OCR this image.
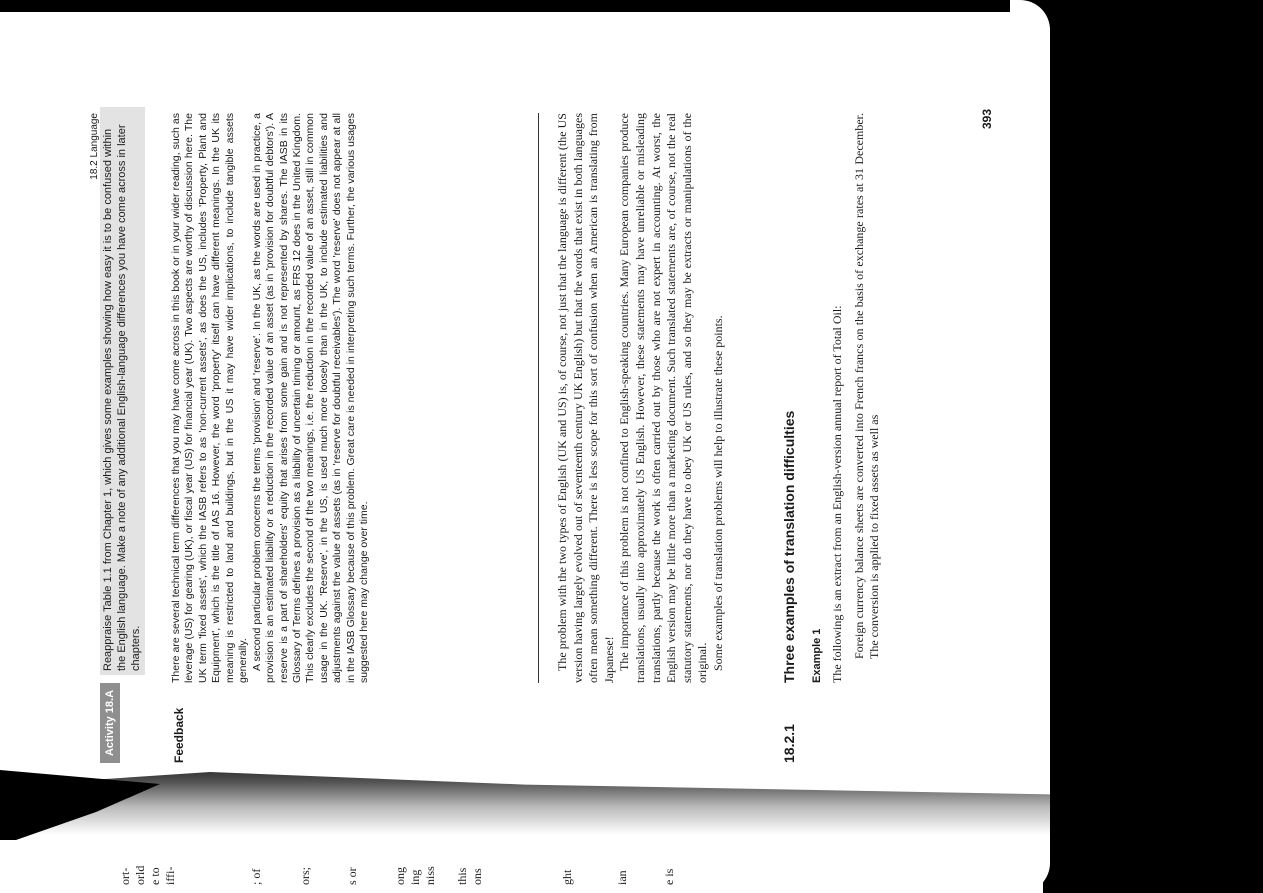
18.2 Language
Activity 18.A
Reappraise Table 1.1 from Chapter 1, which gives some examples showing how easy it is to be confused within the English language. Make a note of any additional English-language differences you have come across in later chapters.
Feedback

There are several technical term differences that you may have come across in this book or in your wider reading, such as leverage (US) for gearing (UK), or fiscal year (US) for financial year (UK). Two aspects are worthy of discussion here. The UK term 'fixed assets', which the IASB refers to as 'non-current assets', as does the US, includes 'Property, Plant and Equipment', which is the title of IAS 16. However, the word 'property' itself can have different meanings. In the UK its meaning is restricted to land and buildings, but in the US it may have wider implications, to include tangible assets generally. A second particular problem concerns the terms 'provision' and 'reserve'. In the UK, as the words are used in practice, a provision is an estimated liability or a reduction in the recorded value of an asset (as in 'provision for doubtful debtors'). A reserve is a part of shareholders' equity that arises from some gain and is not represented by shares. The IASB in its Glossary of Terms defines a provision as a liability of uncertain timing or amount, as FRS 12 does in the United Kingdom. This clearly excludes the second of the two meanings, i.e. the reduction in the recorded value of an asset, still in common usage in the UK. 'Reserve', in the US, is used much more loosely than in the UK, to include estimated liabilities and adjustments against the value of assets (as in 'reserve for doubtful receivables'). The word 'reserve' does not appear at all in the IASB Glossary because of this problem. Great care is needed in interpreting such terms. Further, the various usages suggested here may change over time.	The problem with the two types of English (UK and US) is, of course, not just that the language is different (the US version having largely evolved out of seventeenth century UK English) but that the words that exist in both languages often mean something different. There is less scope for this sort of confusion when an American is translating from Japanese! The importance of this problem is not confined to English-speaking countries. Many European companies produce translations, usually into approximately US English. However, these statements may have unreliable or misleading translations, partly because the work is often carried out by those who are not expert in accounting. At worst, the English version may be little more than a marketing document. Such translated statements are, of course, not the real statutory statements, nor do they have to obey UK or US rules, and so they may be extracts or manipulations of the original. Some examples of translation problems will help to illustrate these points.

18.2.1
Three examples of translation difficulties Example 1 The following is an extract from an English-version annual report of Total Oil: Foreign currency balance sheets are converted into French francs on the basis of exchange rates at 31 December. The conversion is applied to fixed assets as well as

393
ort- orld e to iffi-	; of	ors;	s or	ong ing niss this ons	ght	ian	e is
